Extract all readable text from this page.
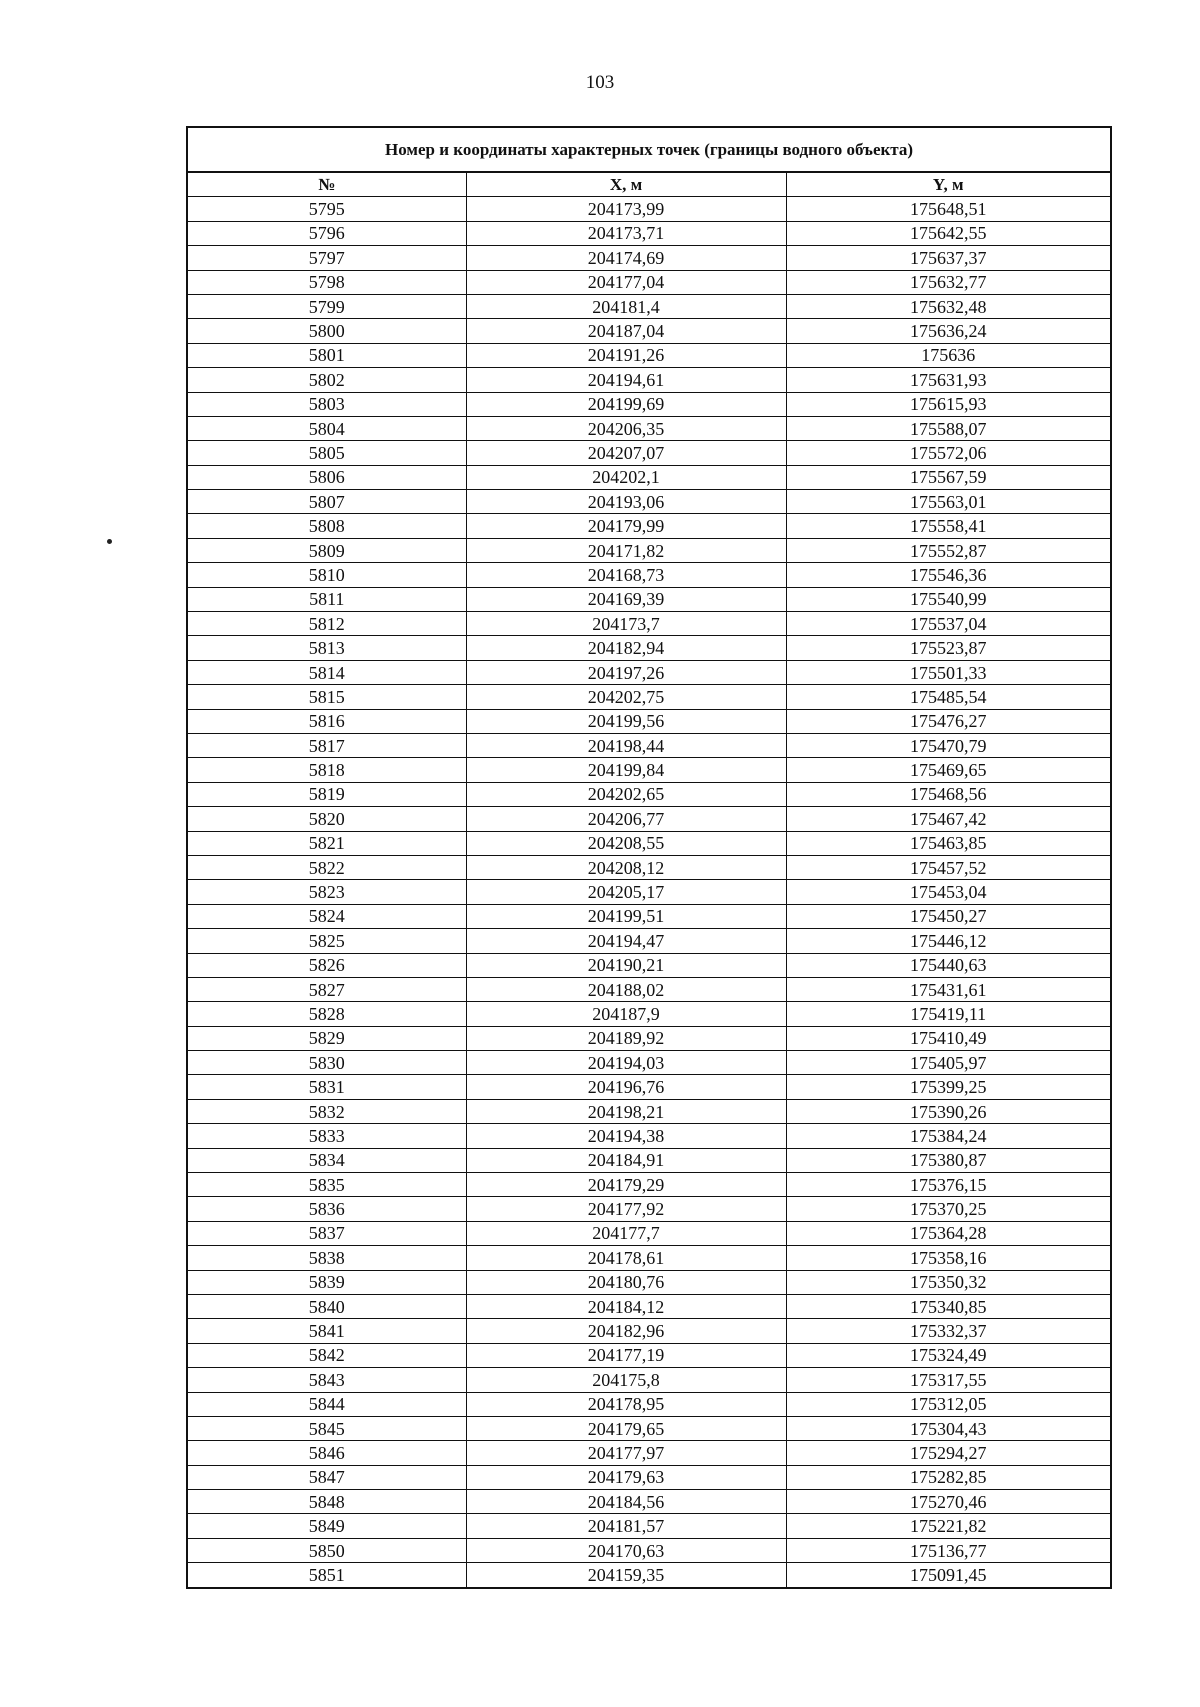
103
Номер и координаты характерных точек (границы водного объекта)
№	X, м	Y, м
5795	204173,99	175648,51
5796	204173,71	175642,55
5797	204174,69	175637,37
5798	204177,04	175632,77
5799	204181,4	175632,48
5800	204187,04	175636,24
5801	204191,26	175636
5802	204194,61	175631,93
5803	204199,69	175615,93
5804	204206,35	175588,07
5805	204207,07	175572,06
5806	204202,1	175567,59
5807	204193,06	175563,01
5808	204179,99	175558,41
5809	204171,82	175552,87
5810	204168,73	175546,36
5811	204169,39	175540,99
5812	204173,7	175537,04
5813	204182,94	175523,87
5814	204197,26	175501,33
5815	204202,75	175485,54
5816	204199,56	175476,27
5817	204198,44	175470,79
5818	204199,84	175469,65
5819	204202,65	175468,56
5820	204206,77	175467,42
5821	204208,55	175463,85
5822	204208,12	175457,52
5823	204205,17	175453,04
5824	204199,51	175450,27
5825	204194,47	175446,12
5826	204190,21	175440,63
5827	204188,02	175431,61
5828	204187,9	175419,11
5829	204189,92	175410,49
5830	204194,03	175405,97
5831	204196,76	175399,25
5832	204198,21	175390,26
5833	204194,38	175384,24
5834	204184,91	175380,87
5835	204179,29	175376,15
5836	204177,92	175370,25
5837	204177,7	175364,28
5838	204178,61	175358,16
5839	204180,76	175350,32
5840	204184,12	175340,85
5841	204182,96	175332,37
5842	204177,19	175324,49
5843	204175,8	175317,55
5844	204178,95	175312,05
5845	204179,65	175304,43
5846	204177,97	175294,27
5847	204179,63	175282,85
5848	204184,56	175270,46
5849	204181,57	175221,82
5850	204170,63	175136,77
5851	204159,35	175091,45
